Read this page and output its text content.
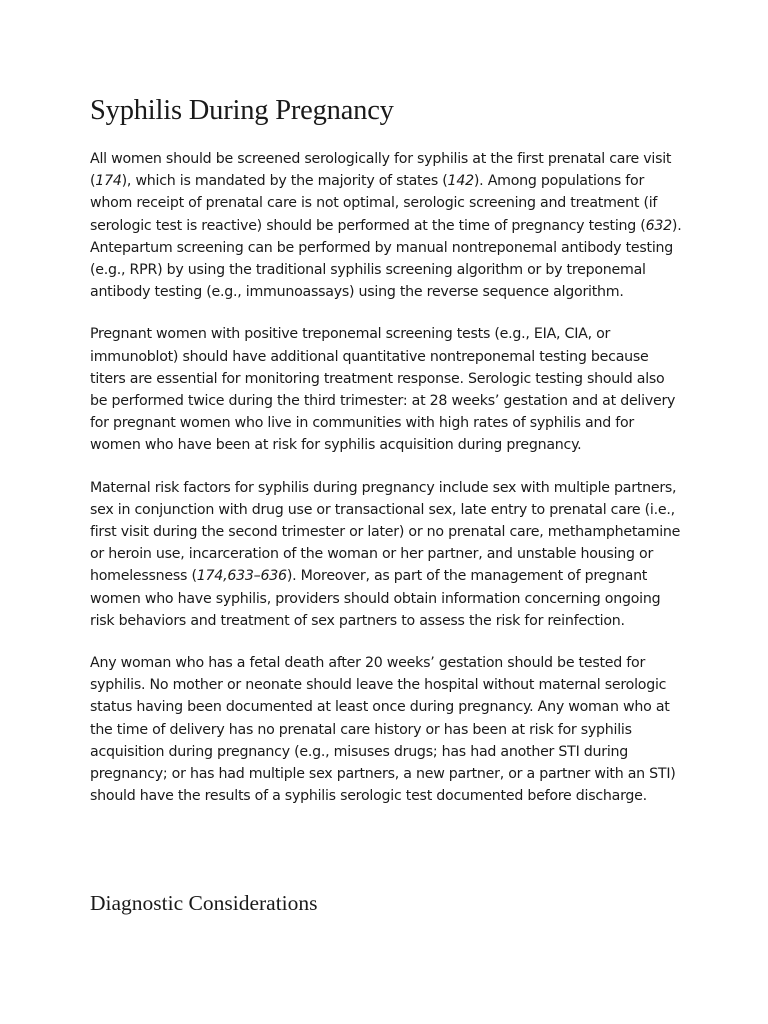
Syphilis During Pregnancy

All women should be screened serologically for syphilis at the first prenatal care visit (174), which is mandated by the majority of states (142). Among populations for whom receipt of prenatal care is not optimal, serologic screening and treatment (if serologic test is reactive) should be performed at the time of pregnancy testing (632). Antepartum screening can be performed by manual nontreponemal antibody testing (e.g., RPR) by using the traditional syphilis screening algorithm or by treponemal antibody testing (e.g., immunoassays) using the reverse sequence algorithm.

Pregnant women with positive treponemal screening tests (e.g., EIA, CIA, or immunoblot) should have additional quantitative nontreponemal testing because titers are essential for monitoring treatment response. Serologic testing should also be performed twice during the third trimester: at 28 weeks’ gestation and at delivery for pregnant women who live in communities with high rates of syphilis and for women who have been at risk for syphilis acquisition during pregnancy.

Maternal risk factors for syphilis during pregnancy include sex with multiple partners, sex in conjunction with drug use or transactional sex, late entry to prenatal care (i.e., first visit during the second trimester or later) or no prenatal care, methamphetamine or heroin use, incarceration of the woman or her partner, and unstable housing or homelessness (174,633–636). Moreover, as part of the management of pregnant women who have syphilis, providers should obtain information concerning ongoing risk behaviors and treatment of sex partners to assess the risk for reinfection.

Any woman who has a fetal death after 20 weeks’ gestation should be tested for syphilis. No mother or neonate should leave the hospital without maternal serologic status having been documented at least once during pregnancy. Any woman who at the time of delivery has no prenatal care history or has been at risk for syphilis acquisition during pregnancy (e.g., misuses drugs; has had another STI during pregnancy; or has had multiple sex partners, a new partner, or a partner with an STI) should have the results of a syphilis serologic test documented before discharge.

Diagnostic Considerations
